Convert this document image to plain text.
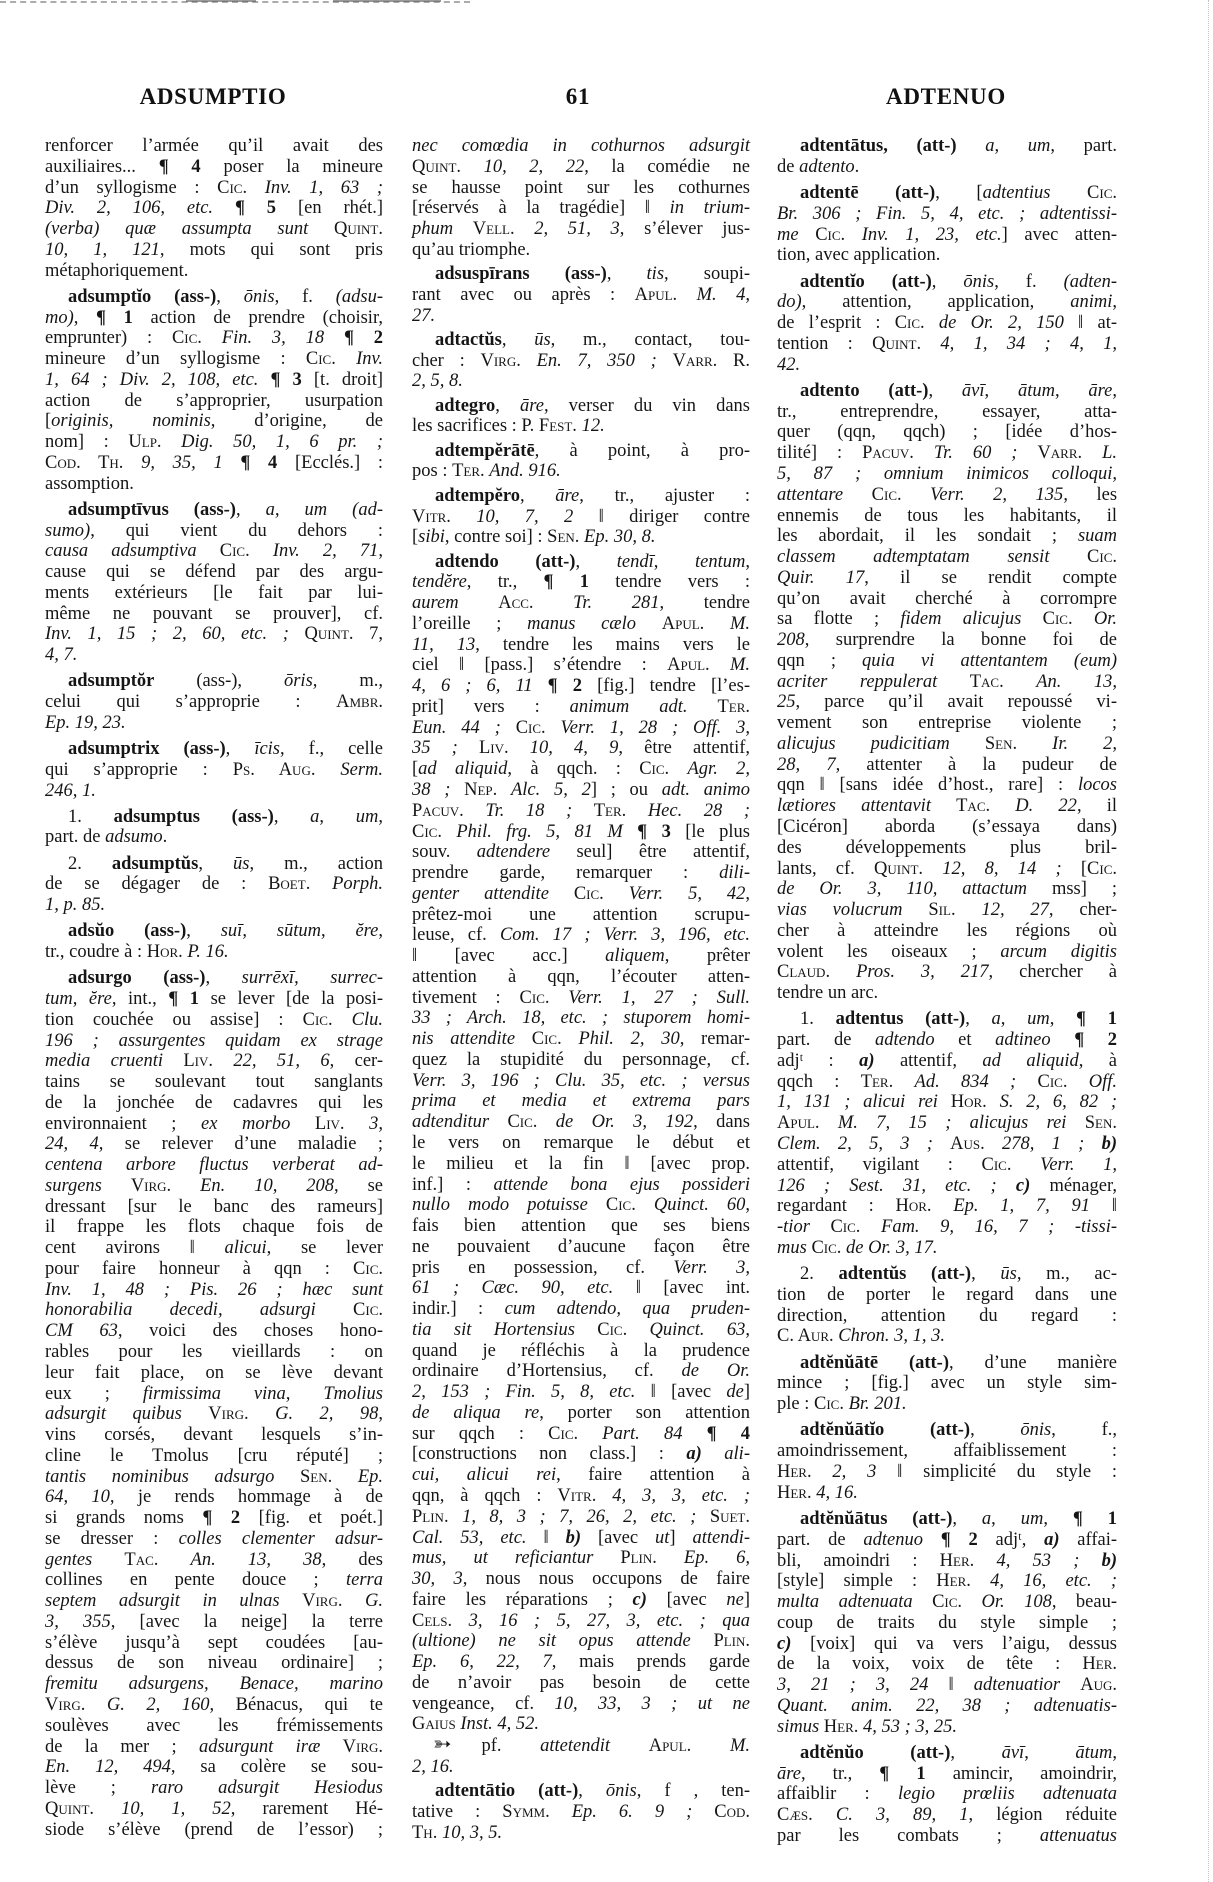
ADSUMPTIO	61	ADTENUO
renforcer l’armée qu’il avait des
auxiliaires... ¶ 4 poser la mineure
d’un syllogisme : Cic. Inv. 1, 63 ;
Div. 2, 106, etc. ¶ 5 [en rhét.]
(verba) quæ assumpta sunt Quint.
10, 1, 121, mots qui sont pris
métaphoriquement.
adsumptĭo (ass-), ōnis, f. (adsu-
mo), ¶ 1 action de prendre (choisir,
emprunter) : Cic. Fin. 3, 18 ¶ 2
mineure d’un syllogisme : Cic. Inv.
1, 64 ; Div. 2, 108, etc. ¶ 3 [t. droit]
action de s’approprier, usurpation
[originis, nominis, d’origine, de
nom] : Ulp. Dig. 50, 1, 6 pr. ;
Cod. Th. 9, 35, 1 ¶ 4 [Ecclés.] :
assomption.
adsumptīvus (ass-), a, um (ad-
sumo), qui vient du dehors :
causa adsumptiva Cic. Inv. 2, 71,
cause qui se défend par des argu-
ments extérieurs [le fait par lui-
même ne pouvant se prouver], cf.
Inv. 1, 15 ; 2, 60, etc. ; Quint. 7,
4, 7.
adsumptŏr (ass-), ōris, m.,
celui qui s’approprie : Ambr.
Ep. 19, 23.
adsumptrix (ass-), īcis, f., celle
qui s’approprie : Ps. Aug. Serm.
246, 1.
1. adsumptus (ass-), a, um,
part. de adsumo.
2. adsumptŭs, ūs, m., action
de se dégager de : Boet. Porph.
1, p. 85.
adsŭo (ass-), suī, sūtum, ĕre,
tr., coudre à : Hor. P. 16.
adsurgo (ass-), surrēxī, surrec-
tum, ĕre, int., ¶ 1 se lever [de la posi-
tion couchée ou assise] : Cic. Clu.
196 ; assurgentes quidam ex strage
media cruenti Liv. 22, 51, 6, cer-
tains se soulevant tout sanglants
de la jonchée de cadavres qui les
environnaient ; ex morbo Liv. 3,
24, 4, se relever d’une maladie ;
centena arbore fluctus verberat ad-
surgens Virg. En. 10, 208, se
dressant [sur le banc des rameurs]
il frappe les flots chaque fois de
cent avirons ‖ alicui, se lever
pour faire honneur à qqn : Cic.
Inv. 1, 48 ; Pis. 26 ; hæc sunt
honorabilia decedi, adsurgi Cic.
CM 63, voici des choses hono-
rables pour les vieillards : on
leur fait place, on se lève devant
eux ; firmissima vina, Tmolius
adsurgit quibus Virg. G. 2, 98,
vins corsés, devant lesquels s’in-
cline le Tmolus [cru réputé] ;
tantis nominibus adsurgo Sen. Ep.
64, 10, je rends hommage à de
si grands noms ¶ 2 [fig. et poét.]
se dresser : colles clementer adsur-
gentes Tac. An. 13, 38, des
collines en pente douce ; terra
septem adsurgit in ulnas Virg. G.
3, 355, [avec la neige] la terre
s’élève jusqu’à sept coudées [au-
dessus de son niveau ordinaire] ;
fremitu adsurgens, Benace, marino
Virg. G. 2, 160, Bénacus, qui te
soulèves avec les frémissements
de la mer ; adsurgunt iræ Virg.
En. 12, 494, sa colère se sou-
lève ; raro adsurgit Hesiodus
Quint. 10, 1, 52, rarement Hé-
siode s’élève (prend de l’essor) ;
nec comœdia in cothurnos adsurgit
Quint. 10, 2, 22, la comédie ne
se hausse point sur les cothurnes
[réservés à la tragédie] ‖ in trium-
phum Vell. 2, 51, 3, s’élever jus-
qu’au triomphe.
adsuspīrans (ass-), tis, soupi-
rant avec ou après : Apul. M. 4,
27.
adtactŭs, ūs, m., contact, tou-
cher : Virg. En. 7, 350 ; Varr. R.
2, 5, 8.
adtegro, āre, verser du vin dans
les sacrifices : P. Fest. 12.
adtempĕrātē, à point, à pro-
pos : Ter. And. 916.
adtempĕro, āre, tr., ajuster :
Vitr. 10, 7, 2 ‖ diriger contre
[sibi, contre soi] : Sen. Ep. 30, 8.
adtendo (att-), tendī, tentum,
tendĕre, tr., ¶ 1 tendre vers :
aurem Acc. Tr. 281, tendre
l’oreille ; manus cælo Apul. M.
11, 13, tendre les mains vers le
ciel ‖ [pass.] s’étendre : Apul. M.
4, 6 ; 6, 11 ¶ 2 [fig.] tendre [l’es-
prit] vers : animum adt. Ter.
Eun. 44 ; Cic. Verr. 1, 28 ; Off. 3,
35 ; Liv. 10, 4, 9, être attentif,
[ad aliquid, à qqch. : Cic. Agr. 2,
38 ; Nep. Alc. 5, 2] ; ou adt. animo
Pacuv. Tr. 18 ; Ter. Hec. 28 ;
Cic. Phil. frg. 5, 81 M ¶ 3 [le plus
souv. adtendere seul] être attentif,
prendre garde, remarquer : dili-
genter attendite Cic. Verr. 5, 42,
prêtez-moi une attention scrupu-
leuse, cf. Com. 17 ; Verr. 3, 196, etc.
‖ [avec acc.] aliquem, prêter
attention à qqn, l’écouter atten-
tivement : Cic. Verr. 1, 27 ; Sull.
33 ; Arch. 18, etc. ; stuporem homi-
nis attendite Cic. Phil. 2, 30, remar-
quez la stupidité du personnage, cf.
Verr. 3, 196 ; Clu. 35, etc. ; versus
prima et media et extrema pars
adtenditur Cic. de Or. 3, 192, dans
le vers on remarque le début et
le milieu et la fin ‖ [avec prop.
inf.] : attende bona ejus possideri
nullo modo potuisse Cic. Quinct. 60,
fais bien attention que ses biens
ne pouvaient d’aucune façon être
pris en possession, cf. Verr. 3,
61 ; Cæc. 90, etc. ‖ [avec int.
indir.] : cum adtendo, qua pruden-
tia sit Hortensius Cic. Quinct. 63,
quand je réfléchis à la prudence
ordinaire d’Hortensius, cf. de Or.
2, 153 ; Fin. 5, 8, etc. ‖ [avec de]
de aliqua re, porter son attention
sur qqch : Cic. Part. 84 ¶ 4
[constructions non class.] : a) ali-
cui, alicui rei, faire attention à
qqn, à qqch : Vitr. 4, 3, 3, etc. ;
Plin. 1, 8, 3 ; 7, 26, 2, etc. ; Suet.
Cal. 53, etc. ‖ b) [avec ut] attendi-
mus, ut reficiantur Plin. Ep. 6,
30, 3, nous nous occupons de faire
faire les réparations ; c) [avec ne]
Cels. 3, 16 ; 5, 27, 3, etc. ; qua
(ultione) ne sit opus attende Plin.
Ep. 6, 22, 7, mais prends garde
de n’avoir pas besoin de cette
vengeance, cf. 10, 33, 3 ; ut ne
Gaius Inst. 4, 52.
➳ pf. attetendit Apul. M.
2, 16.
adtentātio (att-), ōnis, f , ten-
tative : Symm. Ep. 6. 9 ; Cod.
Th. 10, 3, 5.
adtentātus, (att-) a, um, part.
de adtento.
adtentē (att-), [adtentius Cic.
Br. 306 ; Fin. 5, 4, etc. ; adtentissi-
me Cic. Inv. 1, 23, etc.] avec atten-
tion, avec application.
adtentĭo (att-), ōnis, f. (adten-
do), attention, application, animi,
de l’esprit : Cic. de Or. 2, 150 ‖ at-
tention : Quint. 4, 1, 34 ; 4, 1,
42.
adtento (att-), āvī, ātum, āre,
tr., entreprendre, essayer, atta-
quer (qqn, qqch) ; [idée d’hos-
tilité] : Pacuv. Tr. 60 ; Varr. L.
5, 87 ; omnium inimicos colloqui,
attentare Cic. Verr. 2, 135, les
ennemis de tous les habitants, il
les abordait, il les sondait ; suam
classem adtemptatam sensit Cic.
Quir. 17, il se rendit compte
qu’on avait cherché à corrompre
sa flotte ; fidem alicujus Cic. Or.
208, surprendre la bonne foi de
qqn ; quia vi attentantem (eum)
acriter reppulerat Tac. An. 13,
25, parce qu’il avait repoussé vi-
vement son entreprise violente ;
alicujus pudicitiam Sen. Ir. 2,
28, 7, attenter à la pudeur de
qqn ‖ [sans idée d’host., rare] : locos
lætiores attentavit Tac. D. 22, il
[Cicéron] aborda (s’essaya dans)
des développements plus bril-
lants, cf. Quint. 12, 8, 14 ; [Cic.
de Or. 3, 110, attactum mss] ;
vias volucrum Sil. 12, 27, cher-
cher à atteindre les régions où
volent les oiseaux ; arcum digitis
Claud. Pros. 3, 217, chercher à
tendre un arc.
1. adtentus (att-), a, um, ¶ 1
part. de adtendo et adtineo ¶ 2
adjᵗ : a) attentif, ad aliquid, à
qqch : Ter. Ad. 834 ; Cic. Off.
1, 131 ; alicui rei Hor. S. 2, 6, 82 ;
Apul. M. 7, 15 ; alicujus rei Sen.
Clem. 2, 5, 3 ; Aus. 278, 1 ; b)
attentif, vigilant : Cic. Verr. 1,
126 ; Sest. 31, etc. ; c) ménager,
regardant : Hor. Ep. 1, 7, 91 ‖
-tior Cic. Fam. 9, 16, 7 ; -tissi-
mus Cic. de Or. 3, 17.
2. adtentŭs (att-), ūs, m., ac-
tion de porter le regard dans une
direction, attention du regard :
C. Aur. Chron. 3, 1, 3.
adtĕnŭātē (att-), d’une manière
mince ; [fig.] avec un style sim-
ple : Cic. Br. 201.
adtĕnŭātĭo (att-), ōnis, f.,
amoindrissement, affaiblissement :
Her. 2, 3 ‖ simplicité du style :
Her. 4, 16.
adtĕnŭātus (att-), a, um, ¶ 1
part. de adtenuo ¶ 2 adjᵗ, a) affai-
bli, amoindri : Her. 4, 53 ; b)
[style] simple : Her. 4, 16, etc. ;
multa adtenuata Cic. Or. 108, beau-
coup de traits du style simple ;
c) [voix] qui va vers l’aigu, dessus
de la voix, voix de tête : Her.
3, 21 ; 3, 24 ‖ adtenuatior Aug.
Quant. anim. 22, 38 ; adtenuatis-
simus Her. 4, 53 ; 3, 25.
adtĕnŭo (att-), āvī, ātum,
āre, tr., ¶ 1 amincir, amoindrir,
affaiblir : legio prœliis adtenuata
Cæs. C. 3, 89, 1, légion réduite
par les combats ; attenuatus
